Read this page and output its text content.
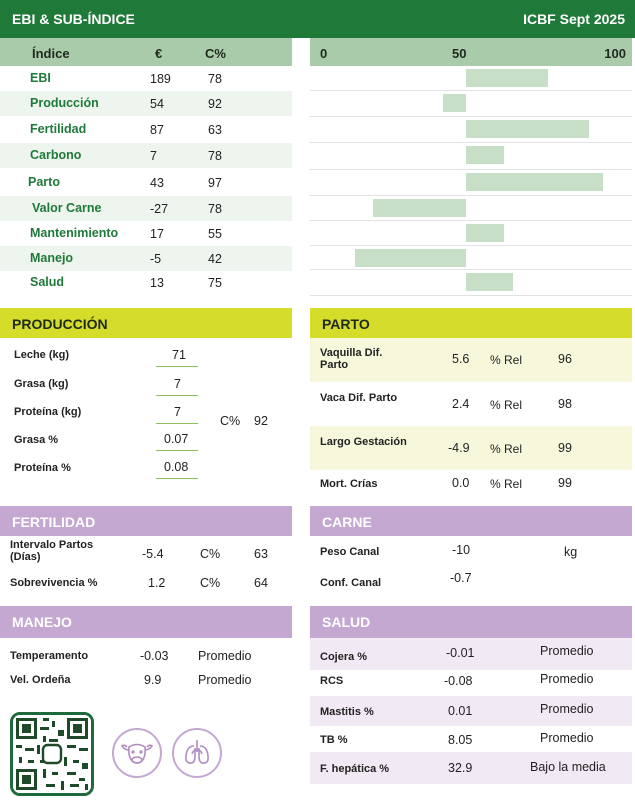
EBI & SUB-ÍNDICE	ICBF Sept 2025
Índice	€	C%
EBI	189	78
Producción	54	92
Fertilidad	87	63
Carbono	7	78
Parto	43	97
Valor Carne	-27	78
Mantenimiento	17	55
Manejo	-5	42
Salud	13	75
0	50	100
PRODUCCIÓN
Leche (kg)	71
Grasa (kg)	7
Proteína (kg)	7
Grasa %	0.07
Proteína %	0.08
C% 92
PARTO
Vaquilla Dif. Parto	5.6 % Rel	96
Vaca Dif. Parto	2.4 % Rel	98
Largo Gestación	-4.9 % Rel	99
Mort. Crías	0.0 % Rel	99
FERTILIDAD
Intervalo Partos (Días)	-5.4	C%	63
Sobrevivencia %	1.2	C%	64
CARNE
Peso Canal	-10	kg
Conf. Canal	-0.7
MANEJO
Temperamento	-0.03 Promedio
Vel. Ordeña	9.9	Promedio
SALUD
Cojera %	-0.01	Promedio
RCS	-0.08	Promedio
Mastitis %	0.01	Promedio
TB %	8.05	Promedio
F. hepática %	32.9	Bajo la media
